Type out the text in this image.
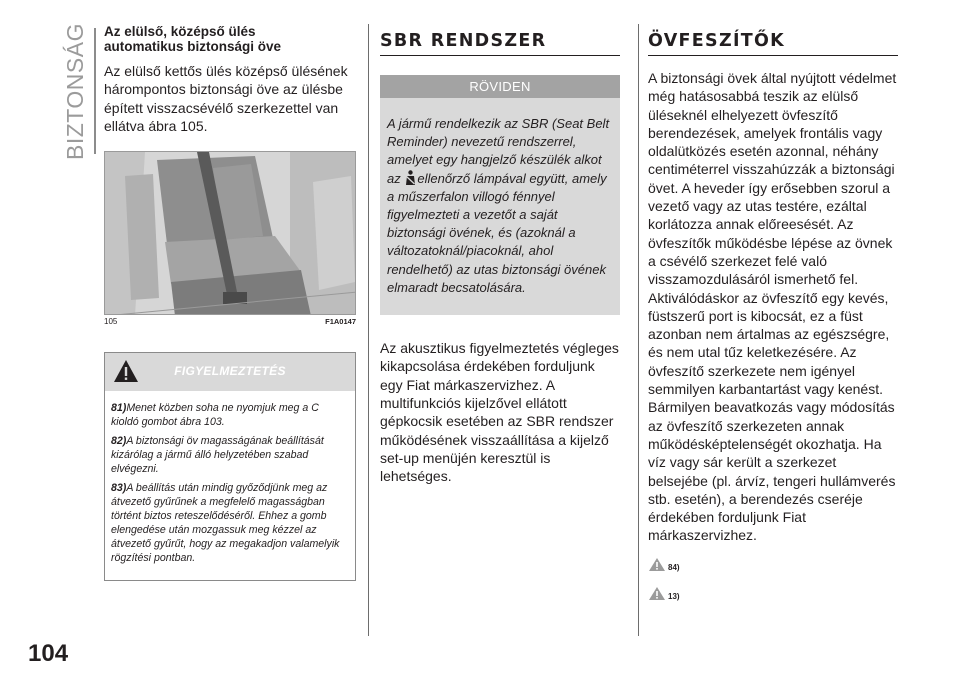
BIZTONSÁG
104
Az elülső, középső ülés
automatikus biztonsági öve

Az elülső kettős ülés középső ülésének hárompontos biztonsági öve az ülésbe épített visszacsévélő szerkezettel van ellátva ábra 105.

105	F1A0147
FIGYELMEZTETÉS
81)Menet közben soha ne nyomjuk meg a C kioldó gombot ábra 103.
82)A biztonsági öv magasságának beállítását kizárólag a jármű álló helyzetében szabad elvégezni.
83)A beállítás után mindig győződjünk meg az átvezető gyűrűnek a megfelelő magasságban történt biztos reteszelődéséről. Ehhez a gomb elengedése után mozgassuk meg kézzel az átvezető gyűrűt, hogy az megakadjon valamelyik rögzítési pontban.
SBR RENDSZER
RÖVIDEN

A jármű rendelkezik az SBR (Seat Belt Reminder) nevezetű rendszerrel, amelyet egy hangjelző készülék alkot az ellenőrző lámpával együtt, amely a műszerfalon villogó fénnyel figyelmezteti a vezetőt a saját biztonsági övének, és (azoknál a változatoknál/piacoknál, ahol rendelhető) az utas biztonsági övének elmaradt becsatolására.

Az akusztikus figyelmeztetés végleges kikapcsolása érdekében forduljunk egy Fiat márkaszervizhez. A multifunkciós kijelzővel ellátott gépkocsik esetében az SBR rendszer működésének visszaállítása a kijelző set-up menüjén keresztül is lehetséges.

ÖVFESZÍTŐK

A biztonsági övek által nyújtott védelmet még hatásosabbá teszik az elülső üléseknél elhelyezett övfeszítő berendezések, amelyek frontális vagy oldalütközés esetén azonnal, néhány centiméterrel visszahúzzák a biztonsági övet. A heveder így erősebben szorul a vezető vagy az utas testére, ezáltal korlátozza annak előreesését. Az övfeszítők működésbe lépése az övnek a csévélő szerkezet felé való visszamozdulásáról ismerhető fel. Aktiválódáskor az övfeszítő egy kevés, füstszerű port is kibocsát, ez a füst azonban nem ártalmas az egészségre, és nem utal tűz keletkezésére. Az övfeszítő szerkezete nem igényel semmilyen karbantartást vagy kenést. Bármilyen beavatkozás vagy módosítás az övfeszítő szerkezeten annak működésképtelenségét okozhatja. Ha víz vagy sár került a szerkezet belsejébe (pl. árvíz, tengeri hullámverés stb. esetén), a berendezés cseréje érdekében forduljunk Fiat márkaszervizhez.

84)
13)
